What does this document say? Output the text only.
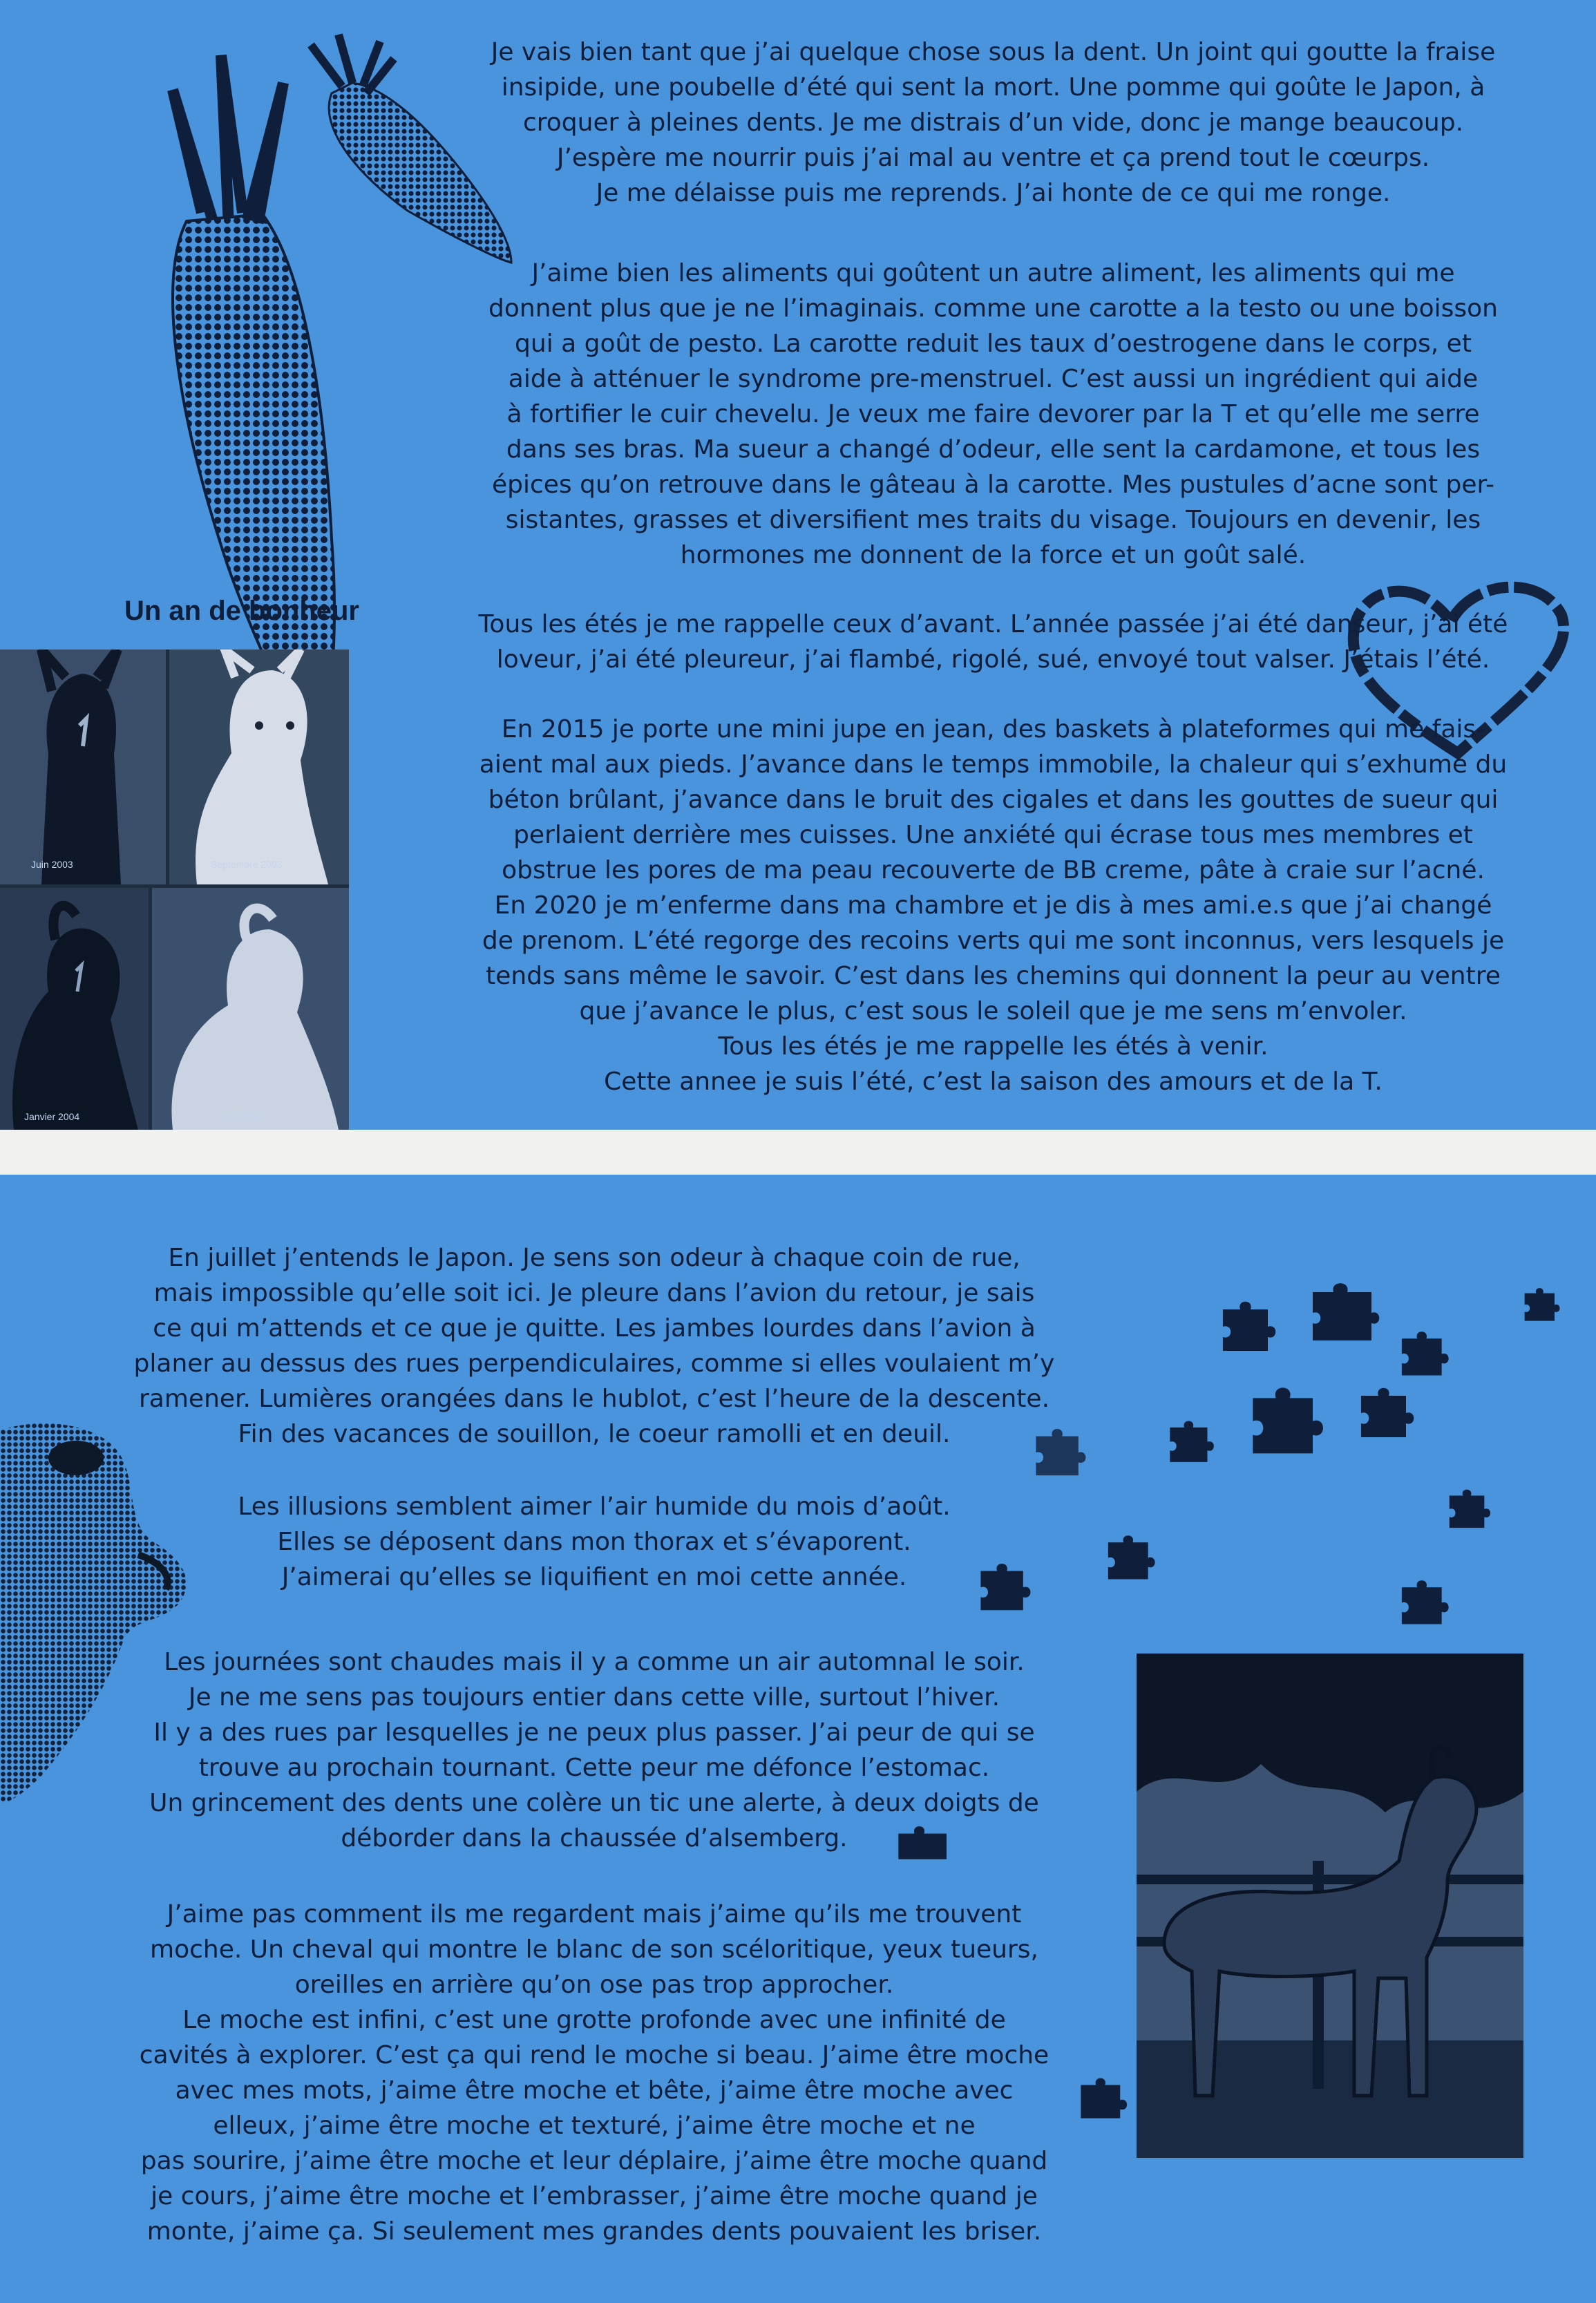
Je vais bien tant que j’ai quelque chose sous la dent. Un joint qui goutte la fraise
insipide, une poubelle d’été qui sent la mort. Une pomme qui goûte le Japon, à
croquer à pleines dents. Je me distrais d’un vide, donc je mange beaucoup.
J’espère me nourrir puis j’ai mal au ventre et ça prend tout le cœurps.
Je me délaisse puis me reprends. J’ai honte de ce qui me ronge.

J’aime bien les aliments qui goûtent un autre aliment, les aliments qui me
donnent plus que je ne l’imaginais. comme une carotte a la testo ou une boisson
qui a goût de pesto. La carotte reduit les taux d’oestrogene dans le corps, et
aide à atténuer le syndrome pre-menstruel. C’est aussi un ingrédient qui aide
à fortifier le cuir chevelu. Je veux me faire devorer par la T et qu’elle me serre
dans ses bras. Ma sueur a changé d’odeur, elle sent la cardamone, et tous les
épices qu’on retrouve dans le gâteau à la carotte. Mes pustules d’acne sont per-
sistantes, grasses et diversifient mes traits du visage. Toujours en devenir, les
hormones me donnent de la force et un goût salé.

Un an de bonheur
Juin 2003	Septembre 2003
Janvier 2004	Mai 2004

Tous les étés je me rappelle ceux d’avant. L’année passée j’ai été danseur, j’ai été
loveur, j’ai été pleureur, j’ai flambé, rigolé, sué, envoyé tout valser. J’étais l’été.

En 2015 je porte une mini jupe en jean, des baskets à plateformes qui me fais-
aient mal aux pieds. J’avance dans le temps immobile, la chaleur qui s’exhume du
béton brûlant, j’avance dans le bruit des cigales et dans les gouttes de sueur qui
perlaient derrière mes cuisses. Une anxiété qui écrase tous mes membres et
obstrue les pores de ma peau recouverte de BB creme, pâte à craie sur l’acné.
En 2020 je m’enferme dans ma chambre et je dis à mes ami.e.s que j’ai changé
de prenom. L’été regorge des recoins verts qui me sont inconnus, vers lesquels je
tends sans même le savoir. C’est dans les chemins qui donnent la peur au ventre
que j’avance le plus, c’est sous le soleil que je me sens m’envoler.
Tous les étés je me rappelle les étés à venir.
Cette annee je suis l’été, c’est la saison des amours et de la T.

En juillet j’entends le Japon. Je sens son odeur à chaque coin de rue,
mais impossible qu’elle soit ici. Je pleure dans l’avion du retour, je sais
ce qui m’attends et ce que je quitte. Les jambes lourdes dans l’avion à
planer au dessus des rues perpendiculaires, comme si elles voulaient m’y
ramener. Lumières orangées dans le hublot, c’est l’heure de la descente.
Fin des vacances de souillon, le coeur ramolli et en deuil.

Les illusions semblent aimer l’air humide du mois d’août.
Elles se déposent dans mon thorax et s’évaporent.
J’aimerai qu’elles se liquifient en moi cette année.

Les journées sont chaudes mais il y a comme un air automnal le soir.
Je ne me sens pas toujours entier dans cette ville, surtout l’hiver.
Il y a des rues par lesquelles je ne peux plus passer. J’ai peur de qui se
trouve au prochain tournant. Cette peur me défonce l’estomac.
Un grincement des dents une colère un tic une alerte, à deux doigts de
déborder dans la chaussée d’alsemberg.

J’aime pas comment ils me regardent mais j’aime qu’ils me trouvent
moche. Un cheval qui montre le blanc de son scéloritique, yeux tueurs,
oreilles en arrière qu’on ose pas trop approcher.
Le moche est infini, c’est une grotte profonde avec une infinité de
cavités à explorer. C’est ça qui rend le moche si beau. J’aime être moche
avec mes mots, j’aime être moche et bête, j’aime être moche avec
elleux, j’aime être moche et texturé, j’aime être moche et ne
pas sourire, j’aime être moche et leur déplaire, j’aime être moche quand
je cours, j’aime être moche et l’embrasser, j’aime être moche quand je
monte, j’aime ça. Si seulement mes grandes dents pouvaient les briser.
